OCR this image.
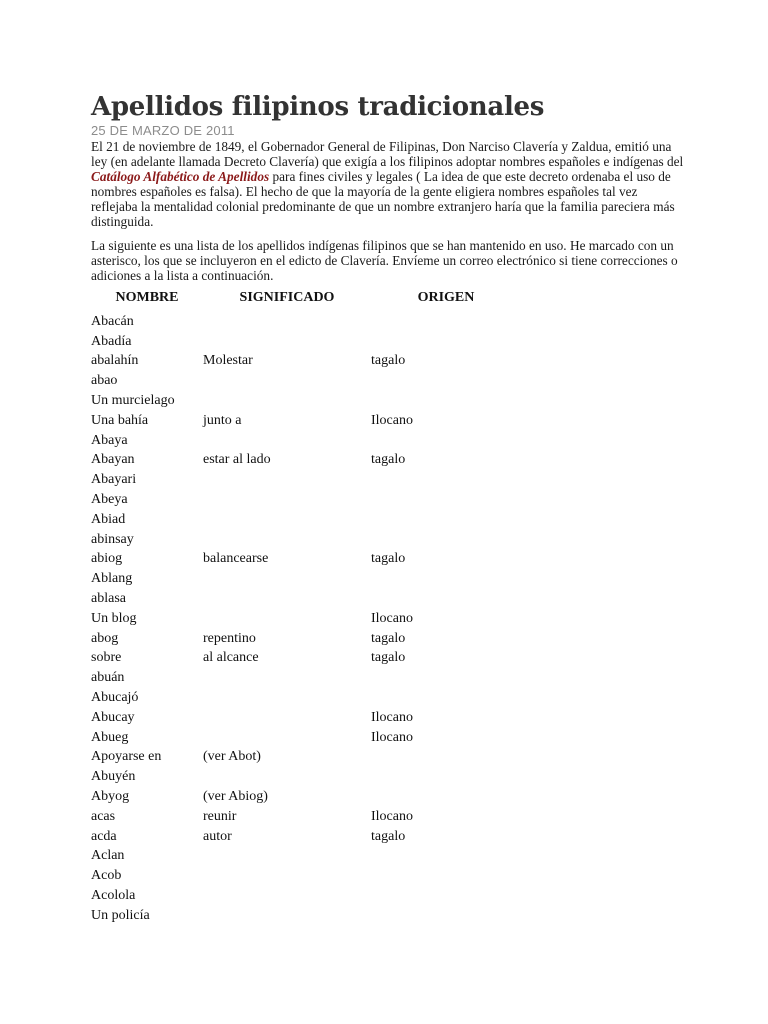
Apellidos filipinos tradicionales
25 DE MARZO DE 2011

El 21 de noviembre de 1849, el Gobernador General de Filipinas, Don Narciso Clavería y Zaldua, emitió una ley (en adelante llamada Decreto Clavería) que exigía a los filipinos adoptar nombres españoles e indígenas del Catálogo Alfabético de Apellidos para fines civiles y legales ( La idea de que este decreto ordenaba el uso de nombres españoles es falsa). El hecho de que la mayoría de la gente eligiera nombres españoles tal vez reflejaba la mentalidad colonial predominante de que un nombre extranjero haría que la familia pareciera más distinguida.

La siguiente es una lista de los apellidos indígenas filipinos que se han mantenido en uso. He marcado con un asterisco, los que se incluyeron en el edicto de Clavería. Envíeme un correo electrónico si tiene correcciones o adiciones a la lista a continuación.

NOMBRE	SIGNIFICADO	ORIGEN
Abacán		
Abadía		
abalahín	Molestar	tagalo
abao		
Un murcielago		
Una bahía	junto a	Ilocano
Abaya		
Abayan	estar al lado	tagalo
Abayari		
Abeya		
Abiad		
abinsay		
abiog	balancearse	tagalo
Ablang		
ablasa		
Un blog		Ilocano
abog	repentino	tagalo
sobre	al alcance	tagalo
abuán		
Abucajó		
Abucay		Ilocano
Abueg		Ilocano
Apoyarse en	(ver Abot)	
Abuyén		
Abyog	(ver Abiog)	
acas	reunir	Ilocano
acda	autor	tagalo
Aclan		
Acob		
Acolola		
Un policía		
